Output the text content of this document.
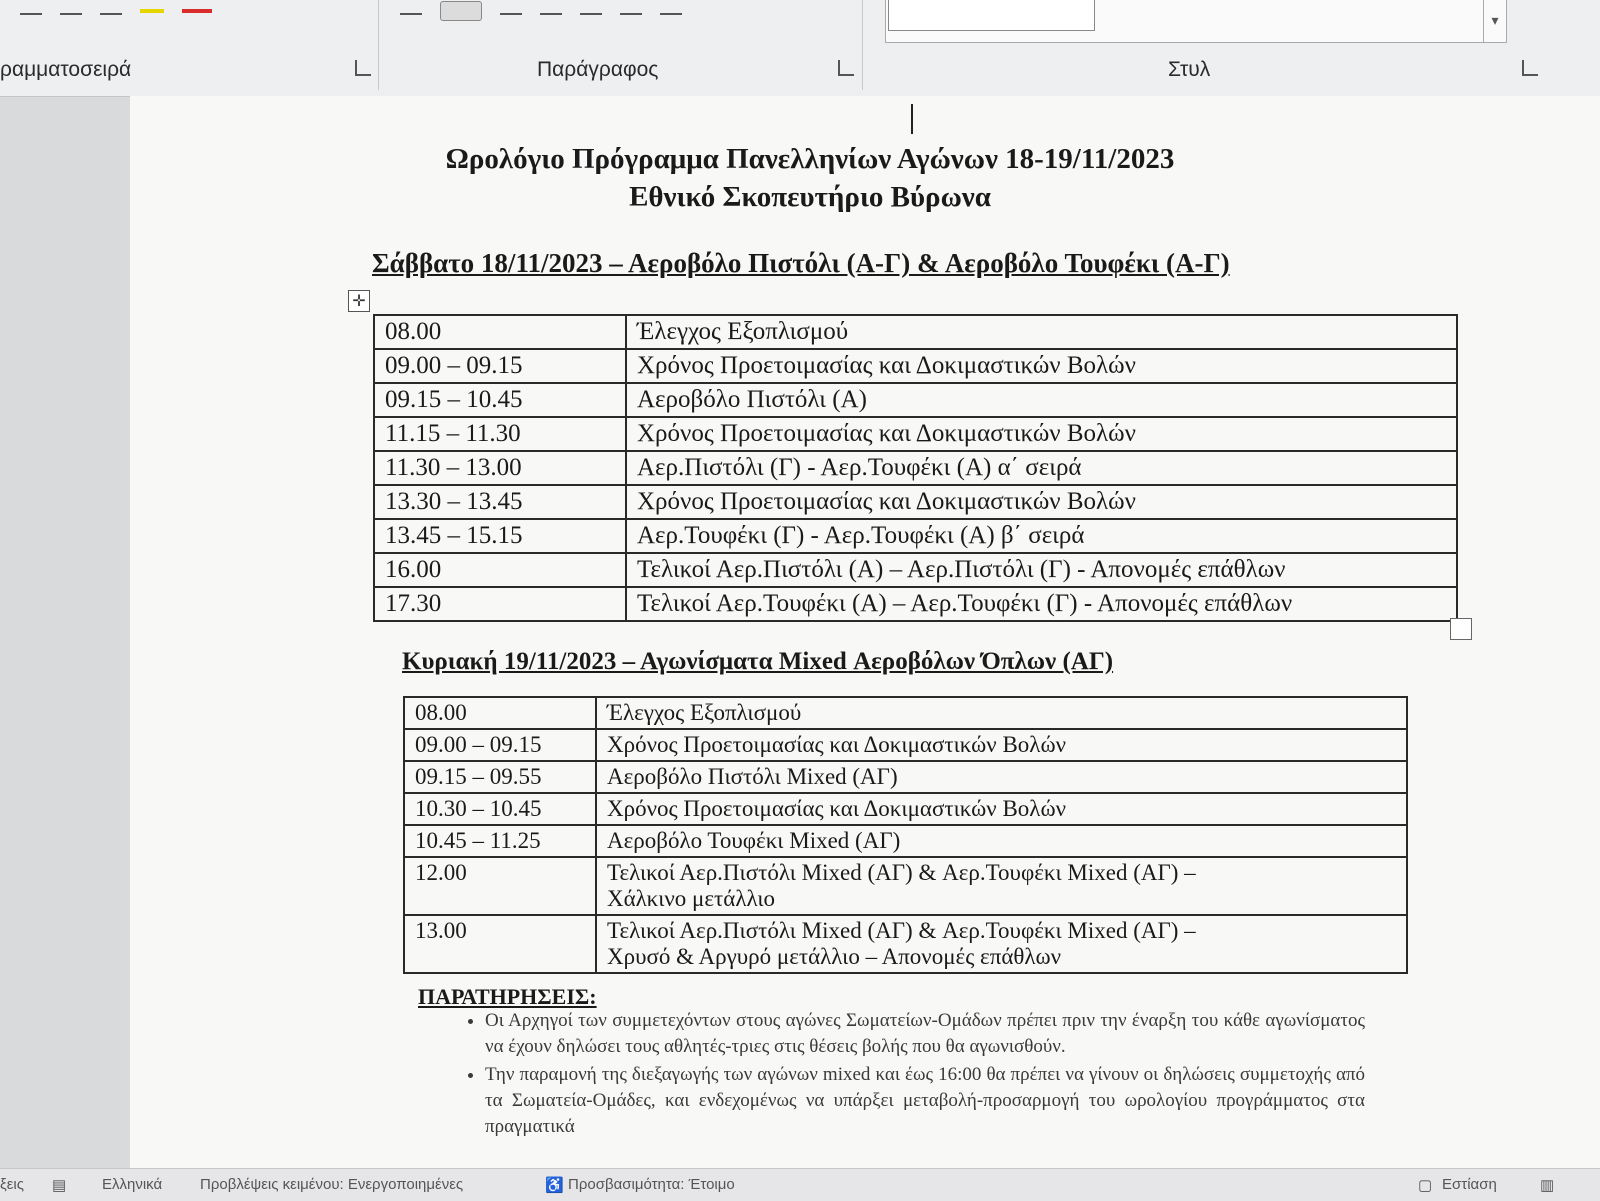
ραμματοσειρά	Παράγραφος
▾
Στυλ
Ωρολόγιο Πρόγραμμα Πανελληνίων Αγώνων 18-19/11/2023
Εθνικό Σκοπευτήριο Βύρωνα
Σάββατο 18/11/2023 – Αεροβόλο Πιστόλι (Α-Γ) & Αεροβόλο Τουφέκι (Α-Γ)
✛
08.00	Έλεγχος Εξοπλισμού
09.00 – 09.15	Χρόνος Προετοιμασίας και Δοκιμαστικών Βολών
09.15 – 10.45	Αεροβόλο Πιστόλι (Α)
11.15 – 11.30	Χρόνος Προετοιμασίας και Δοκιμαστικών Βολών
11.30 – 13.00	Αερ.Πιστόλι (Γ) - Αερ.Τουφέκι (Α) α΄ σειρά
13.30 – 13.45	Χρόνος Προετοιμασίας και Δοκιμαστικών Βολών
13.45 – 15.15	Αερ.Τουφέκι (Γ) - Αερ.Τουφέκι (Α) β΄ σειρά
16.00	Τελικοί Αερ.Πιστόλι (Α) – Αερ.Πιστόλι (Γ) - Απονομές επάθλων
17.30	Τελικοί Αερ.Τουφέκι (Α) – Αερ.Τουφέκι (Γ) - Απονομές επάθλων
Κυριακή 19/11/2023 – Αγωνίσματα Mixed Αεροβόλων Όπλων (ΑΓ)
08.00	Έλεγχος Εξοπλισμού

09.00 – 09.15	Χρόνος Προετοιμασίας και Δοκιμαστικών Βολών

09.15 – 09.55	Αεροβόλο Πιστόλι Mixed (ΑΓ)

10.30 – 10.45	Χρόνος Προετοιμασίας και Δοκιμαστικών Βολών

10.45 – 11.25	Αεροβόλο Τουφέκι Mixed (ΑΓ)

12.00	Τελικοί Αερ.Πιστόλι Mixed (ΑΓ) & Αερ.Τουφέκι Mixed (ΑΓ) –
Χάλκινο μετάλλιο

13.00	Τελικοί Αερ.Πιστόλι Mixed (ΑΓ) & Αερ.Τουφέκι Mixed (ΑΓ) –
Χρυσό & Αργυρό μετάλλιο – Απονομές επάθλων
ΠΑΡΑΤΗΡΗΣΕΙΣ:
• Οι Αρχηγοί των συμμετεχόντων στους αγώνες Σωματείων-Ομάδων πρέπει πριν την έναρξη του κάθε αγωνίσματος να έχουν δηλώσει τους αθλητές-τριες στις θέσεις βολής που θα αγωνισθούν.
• Την παραμονή της διεξαγωγής των αγώνων mixed και έως 16:00 θα πρέπει να γίνουν οι δηλώσεις συμμετοχής από τα Σωματεία-Ομάδες, και ενδεχομένως να υπάρξει μεταβολή-προσαρμογή του ωρολογίου προγράμματος στα πραγματικά
ξεις ▤ Ελληνικά	Προβλέψεις κειμένου: Ενεργοποιημένες	♿ Προσβασιμότητα: Έτοιμο	▢ Εστίαση	▥
